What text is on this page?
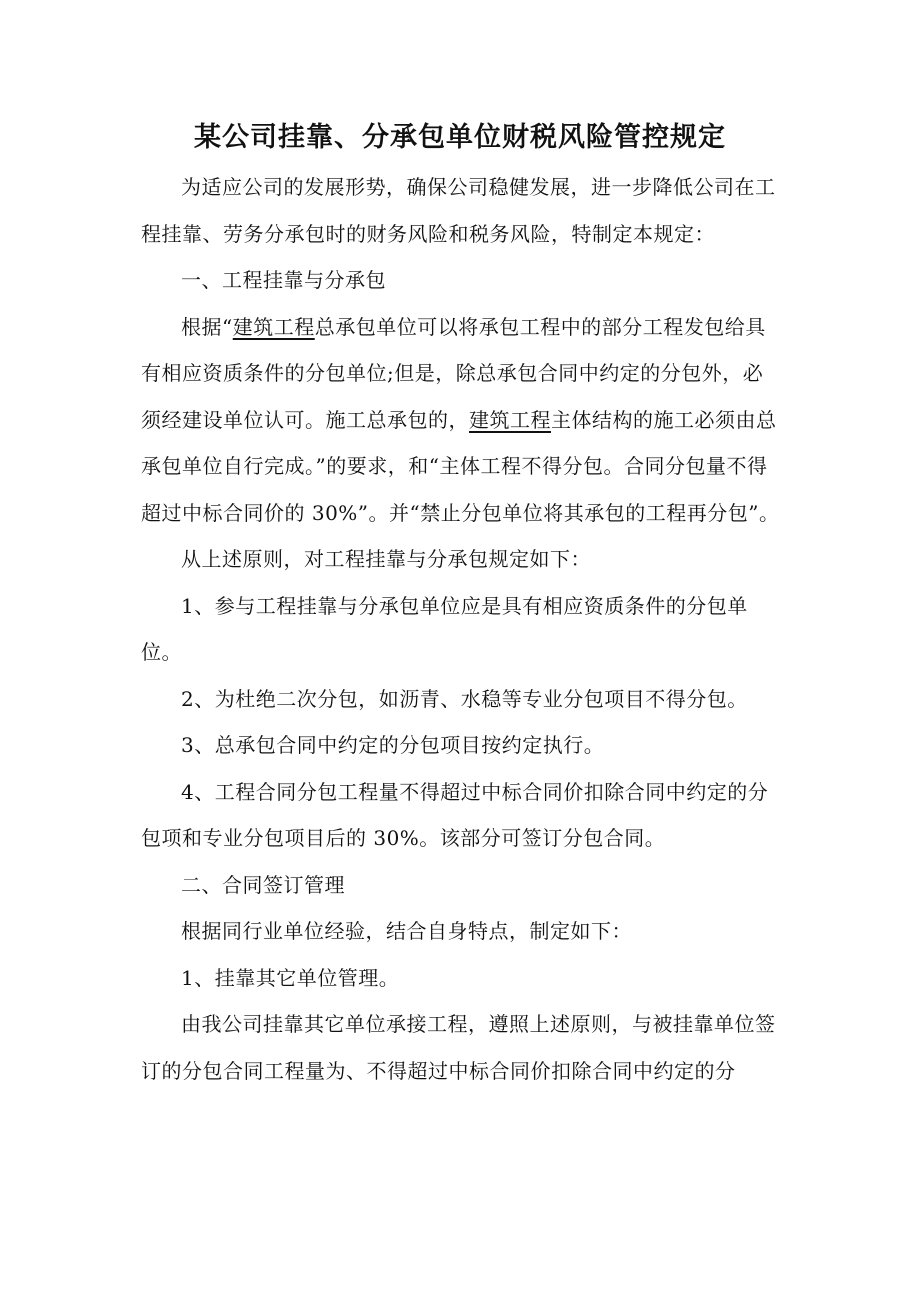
某公司挂靠、分承包单位财税风险管控规定

为适应公司的发展形势，确保公司稳健发展，进一步降低公司在工程挂靠、劳务分承包时的财务风险和税务风险，特制定本规定：

一、工程挂靠与分承包

根据“建筑工程总承包单位可以将承包工程中的部分工程发包给具有相应资质条件的分包单位;但是，除总承包合同中约定的分包外，必须经建设单位认可。施工总承包的，建筑工程主体结构的施工必须由总承包单位自行完成。”的要求，和“主体工程不得分包。合同分包量不得超过中标合同价的 30%”。并“禁止分包单位将其承包的工程再分包”。

从上述原则，对工程挂靠与分承包规定如下：

1、参与工程挂靠与分承包单位应是具有相应资质条件的分包单位。

2、为杜绝二次分包，如沥青、水稳等专业分包项目不得分包。

3、总承包合同中约定的分包项目按约定执行。

4、工程合同分包工程量不得超过中标合同价扣除合同中约定的分包项和专业分包项目后的 30%。该部分可签订分包合同。

二、合同签订管理

根据同行业单位经验，结合自身特点，制定如下：

1、挂靠其它单位管理。

由我公司挂靠其它单位承接工程，遵照上述原则，与被挂靠单位签订的分包合同工程量为、不得超过中标合同价扣除合同中约定的分
